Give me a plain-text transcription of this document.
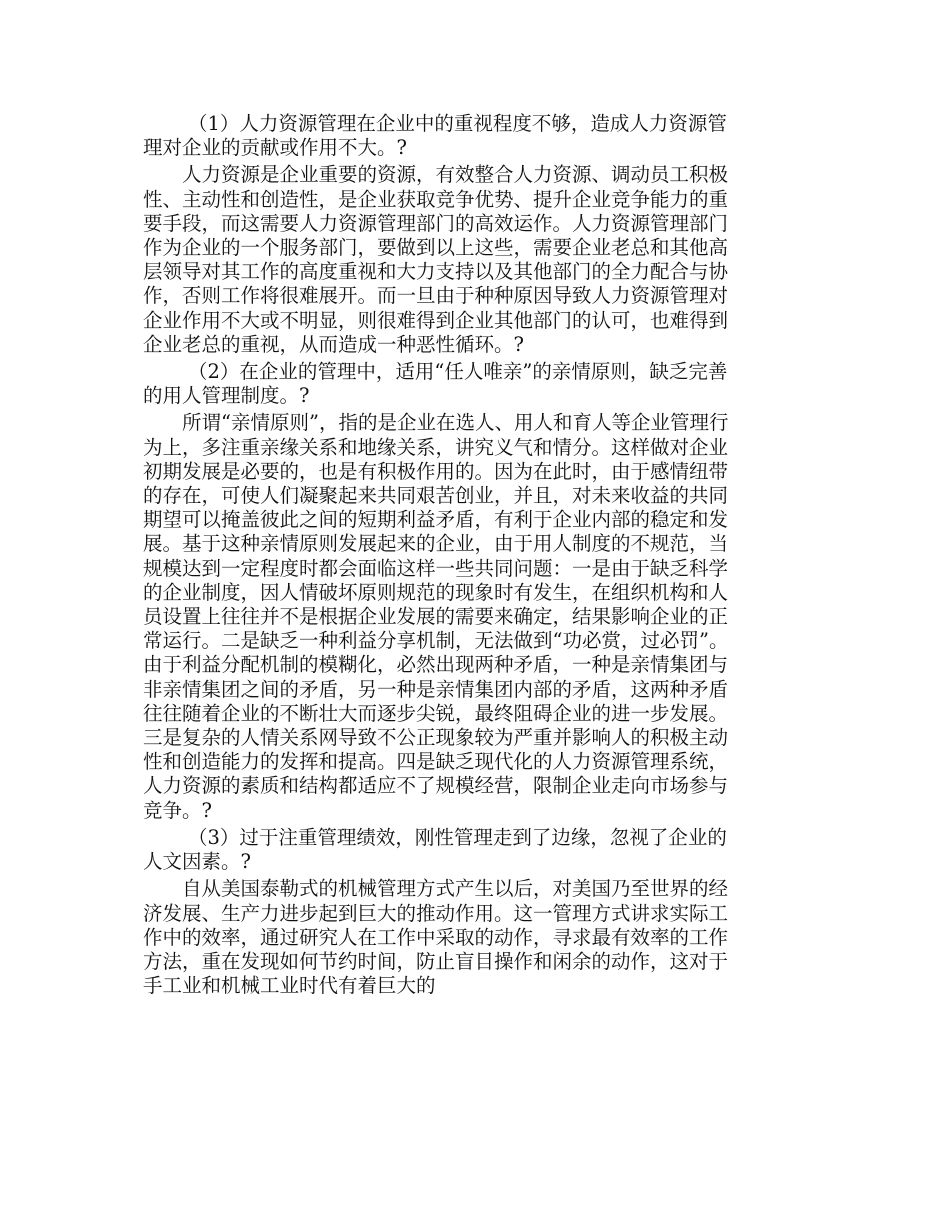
（1）人力资源管理在企业中的重视程度不够，造成人力资源管理对企业的贡献或作用不大。?

人力资源是企业重要的资源，有效整合人力资源、调动员工积极性、主动性和创造性，是企业获取竞争优势、提升企业竞争能力的重要手段，而这需要人力资源管理部门的高效运作。人力资源管理部门作为企业的一个服务部门，要做到以上这些，需要企业老总和其他高层领导对其工作的高度重视和大力支持以及其他部门的全力配合与协作，否则工作将很难展开。而一旦由于种种原因导致人力资源管理对企业作用不大或不明显，则很难得到企业其他部门的认可，也难得到企业老总的重视，从而造成一种恶性循环。?

（2）在企业的管理中，适用“任人唯亲”的亲情原则，缺乏完善的用人管理制度。?

所谓“亲情原则”，指的是企业在选人、用人和育人等企业管理行为上，多注重亲缘关系和地缘关系，讲究义气和情分。这样做对企业初期发展是必要的，也是有积极作用的。因为在此时，由于感情纽带的存在，可使人们凝聚起来共同艰苦创业，并且，对未来收益的共同期望可以掩盖彼此之间的短期利益矛盾，有利于企业内部的稳定和发展。基于这种亲情原则发展起来的企业，由于用人制度的不规范，当规模达到一定程度时都会面临这样一些共同问题：一是由于缺乏科学的企业制度，因人情破坏原则规范的现象时有发生，在组织机构和人员设置上往往并不是根据企业发展的需要来确定，结果影响企业的正常运行。二是缺乏一种利益分享机制，无法做到“功必赏，过必罚”。由于利益分配机制的模糊化，必然出现两种矛盾，一种是亲情集团与非亲情集团之间的矛盾，另一种是亲情集团内部的矛盾，这两种矛盾往往随着企业的不断壮大而逐步尖锐，最终阻碍企业的进一步发展。三是复杂的人情关系网导致不公正现象较为严重并影响人的积极主动性和创造能力的发挥和提高。四是缺乏现代化的人力资源管理系统，人力资源的素质和结构都适应不了规模经营，限制企业走向市场参与竞争。?

（3）过于注重管理绩效，刚性管理走到了边缘，忽视了企业的人文因素。?

自从美国泰勒式的机械管理方式产生以后，对美国乃至世界的经济发展、生产力进步起到巨大的推动作用。这一管理方式讲求实际工作中的效率，通过研究人在工作中采取的动作，寻求最有效率的工作方法，重在发现如何节约时间，防止盲目操作和闲余的动作，这对于手工业和机械工业时代有着巨大的
